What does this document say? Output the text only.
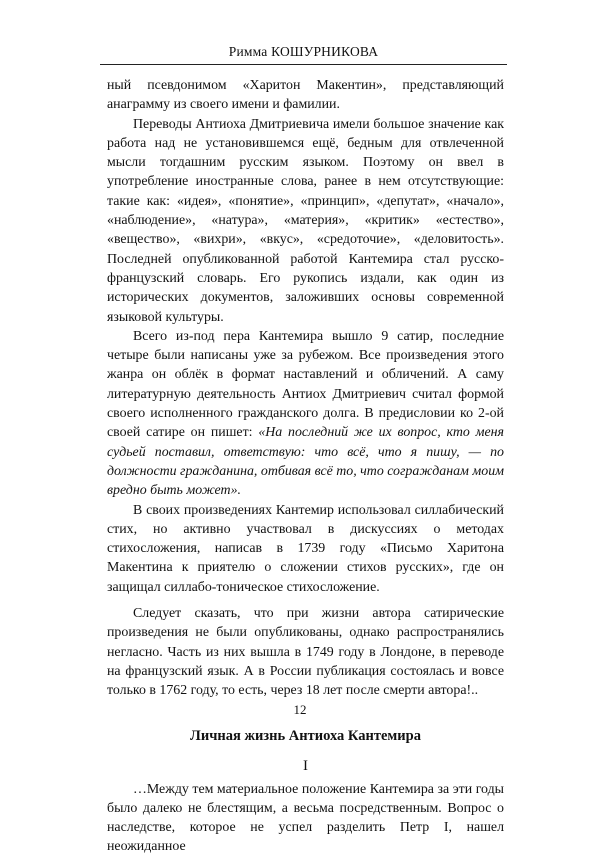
Римма КОШУРНИКОВА

ный псевдонимом «Харитон Макентин», представляющий анаграмму из своего имени и фамилии.

Переводы Антиоха Дмитриевича имели большое значение как работа над не установившемся ещё, бедным для отвлеченной мысли тогдашним русским языком. Поэтому он ввел в употребление иностранные слова, ранее в нем отсутствующие: такие как: «идея», «понятие», «принцип», «депутат», «начало», «наблюдение», «натура», «материя», «критик» «естество», «вещество», «вихри», «вкус», «средоточие», «деловитость». Последней опубликованной работой Кантемира стал русско-французский словарь. Его рукопись издали, как один из исторических документов, заложивших основы современной языковой культуры.

Всего из-под пера Кантемира вышло 9 сатир, последние четыре были написаны уже за рубежом. Все произведения этого жанра он облёк в формат наставлений и обличений. А саму литературную деятельность Антиох Дмитриевич считал формой своего исполненного гражданского долга. В предисловии ко 2-ой своей сатире он пишет: «На последний же их вопрос, кто меня судьей поставил, ответствую: что всё, что я пишу, — по должности гражданина, отбивая всё то, что согражданам моим вредно быть может».

В своих произведениях Кантемир использовал силлабический стих, но активно участвовал в дискуссиях о методах стихосложения, написав в 1739 году «Письмо Харитона Макентина к приятелю о сложении стихов русских», где он защищал силлабо-тоническое стихосложение.

Следует сказать, что при жизни автора сатирические произведения не были опубликованы, однако распространялись негласно. Часть из них вышла в 1749 году в Лондоне, в переводе на французский язык. А в России публикация состоялась и вовсе только в 1762 году, то есть, через 18 лет после смерти автора!..

Личная жизнь Антиоха Кантемира
I

…Между тем материальное положение Кантемира за эти годы было далеко не блестящим, а весьма посредственным. Вопрос о наследстве, которое не успел разделить Петр I, нашел неожиданное

12
